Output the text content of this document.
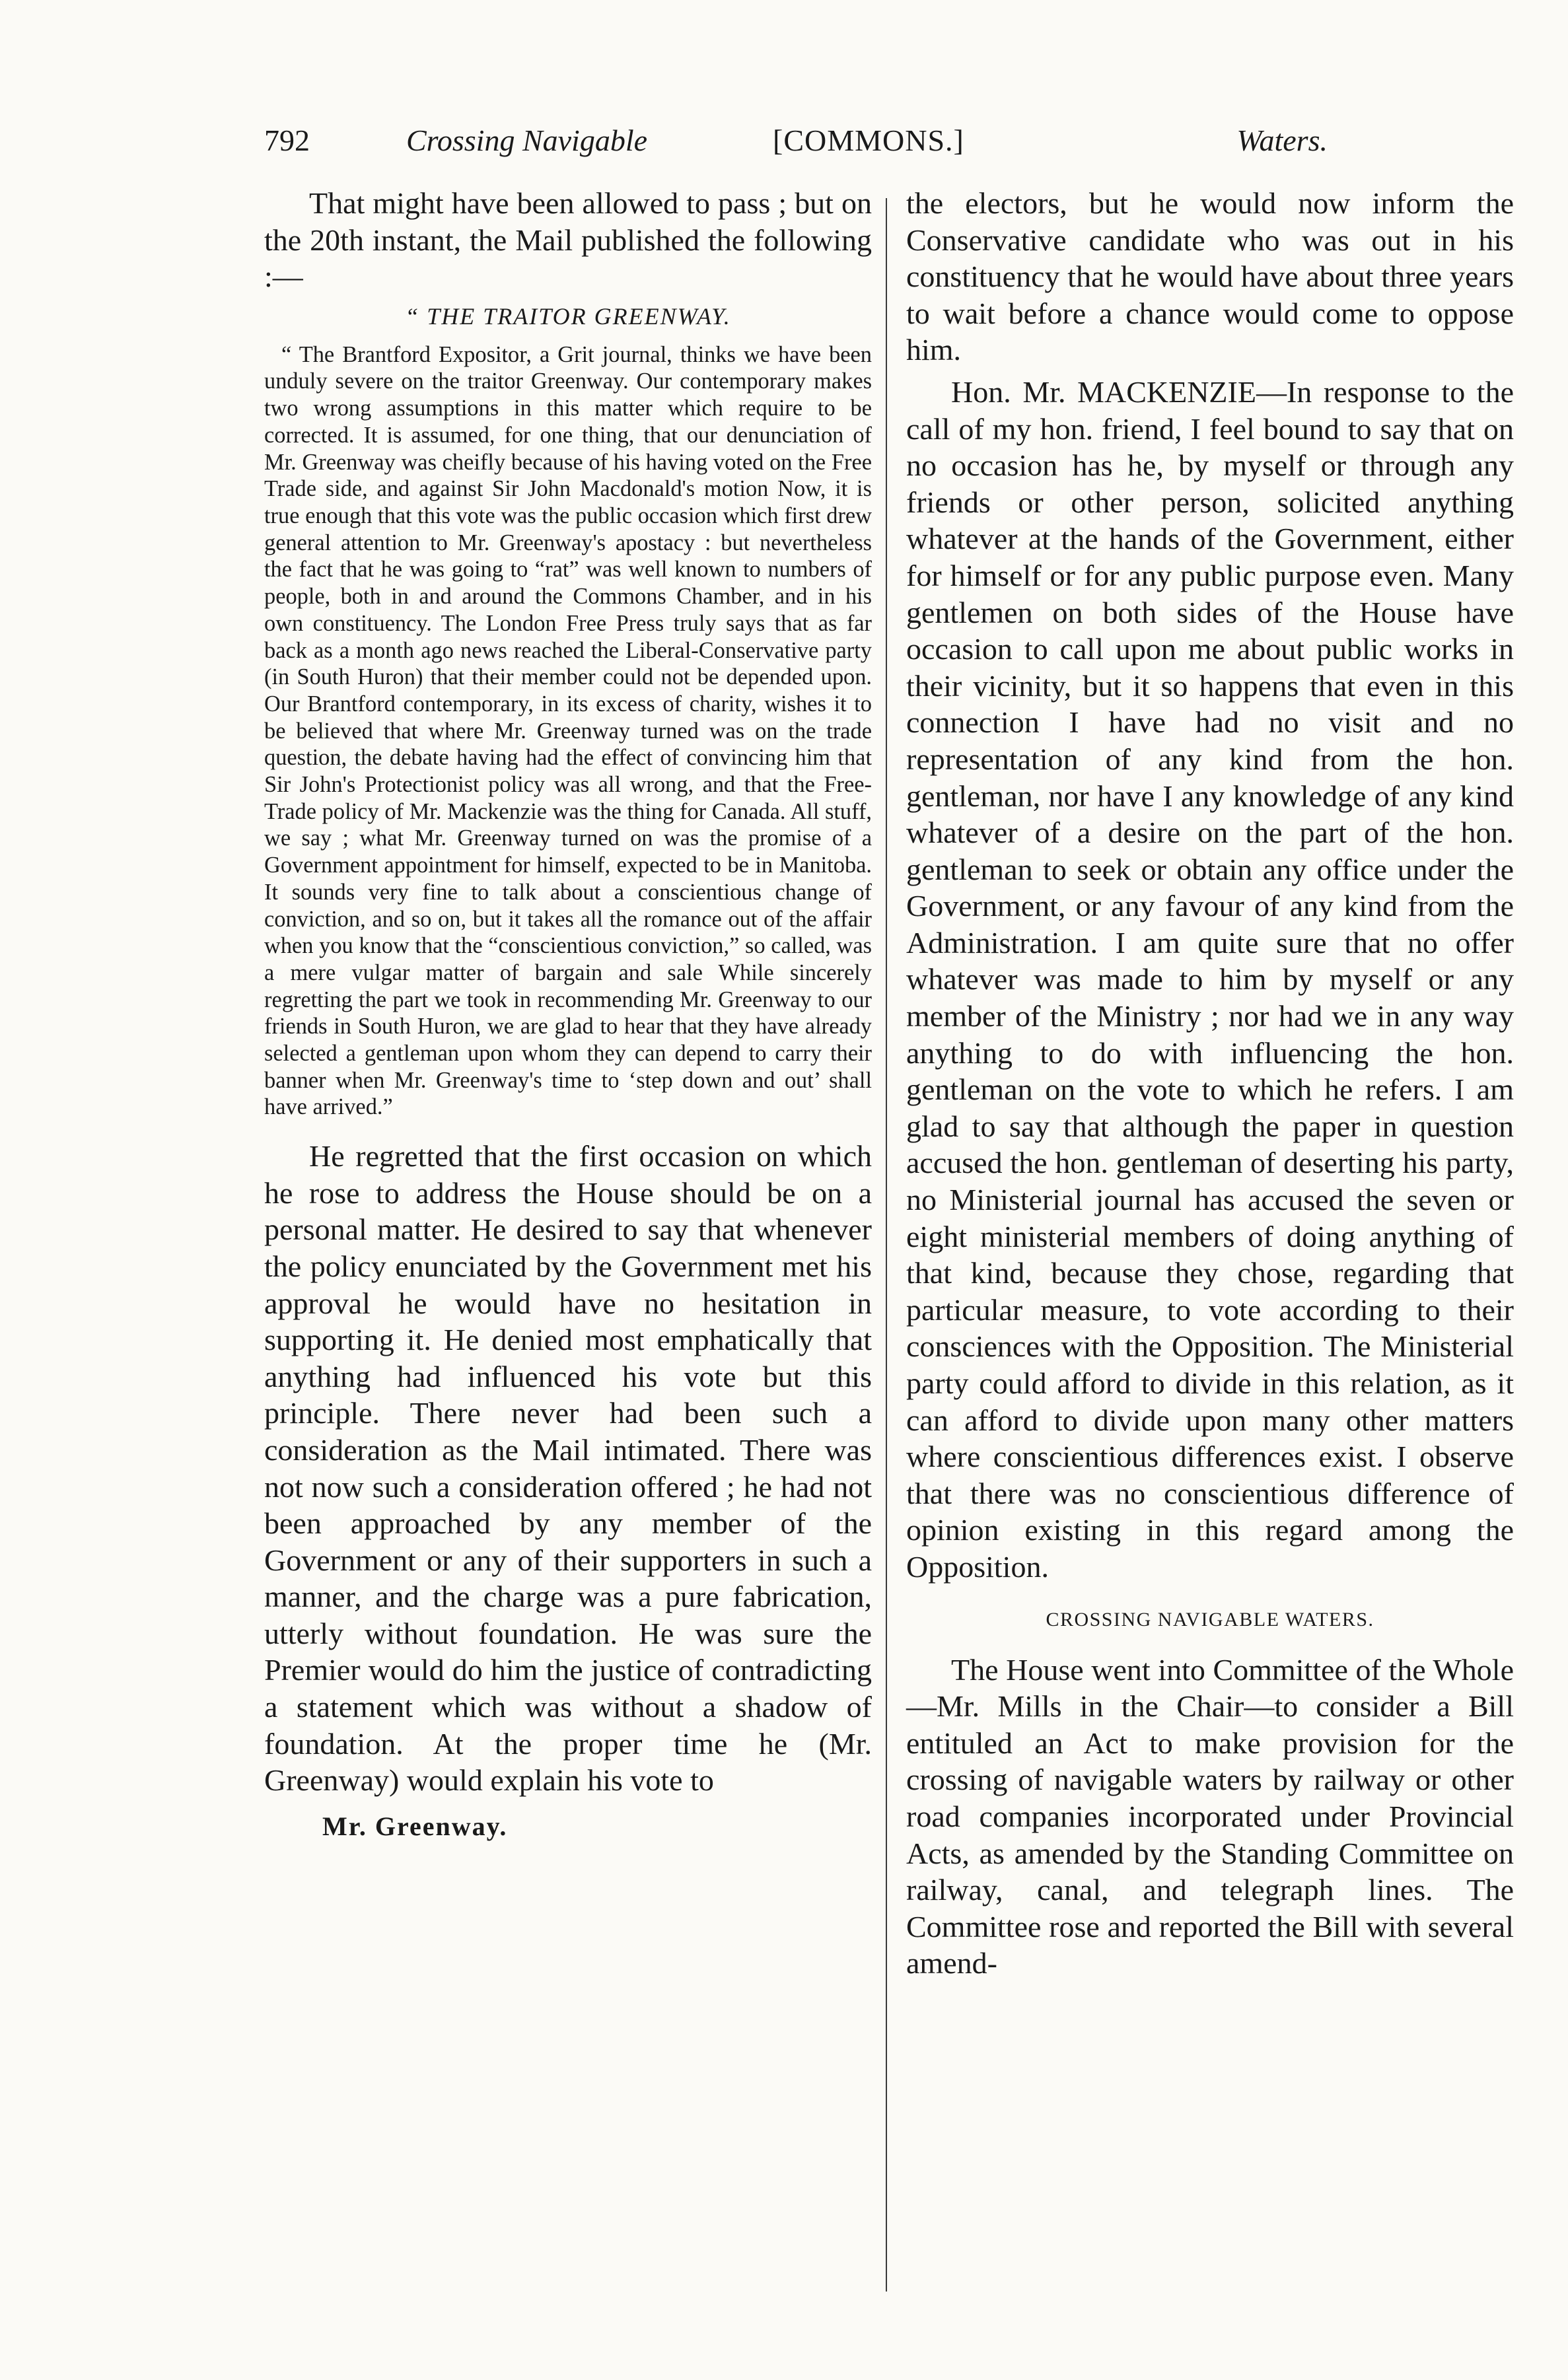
792	Crossing Navigable	[COMMONS.]	Waters.

That might have been allowed to pass ; but on the 20th instant, the Mail published the following :—

“ THE TRAITOR GREENWAY.

“ The Brantford Expositor, a Grit journal, thinks we have been unduly severe on the traitor Greenway. Our contemporary makes two wrong assumptions in this matter which require to be corrected. It is assumed, for one thing, that our denunciation of Mr. Greenway was cheifly because of his having voted on the Free Trade side, and against Sir John Macdonald's motion Now, it is true enough that this vote was the public occasion which first drew general attention to Mr. Greenway's apostacy : but nevertheless the fact that he was going to “rat” was well known to numbers of people, both in and around the Commons Chamber, and in his own constituency. The London Free Press truly says that as far back as a month ago news reached the Liberal-Conservative party (in South Huron) that their member could not be depended upon. Our Brantford contemporary, in its excess of charity, wishes it to be believed that where Mr. Greenway turned was on the trade question, the debate having had the effect of convincing him that Sir John's Protectionist policy was all wrong, and that the Free-Trade policy of Mr. Mackenzie was the thing for Canada. All stuff, we say ; what Mr. Greenway turned on was the promise of a Government appointment for himself, expected to be in Manitoba. It sounds very fine to talk about a conscientious change of conviction, and so on, but it takes all the romance out of the affair when you know that the “conscientious conviction,” so called, was a mere vulgar matter of bargain and sale While sincerely regretting the part we took in recommending Mr. Greenway to our friends in South Huron, we are glad to hear that they have already selected a gentleman upon whom they can depend to carry their banner when Mr. Greenway's time to ‘step down and out’ shall have arrived.”

He regretted that the first occasion on which he rose to address the House should be on a personal matter. He desired to say that whenever the policy enunciated by the Government met his approval he would have no hesitation in supporting it. He denied most emphatically that anything had influenced his vote but this principle. There never had been such a consideration as the Mail intimated. There was not now such a consideration offered ; he had not been approached by any member of the Government or any of their supporters in such a manner, and the charge was a pure fabrication, utterly without foundation. He was sure the Premier would do him the justice of contradicting a statement which was without a shadow of foundation. At the proper time he (Mr. Greenway) would explain his vote to

Mr. Greenway.

the electors, but he would now inform the Conservative candidate who was out in his constituency that he would have about three years to wait before a chance would come to oppose him.

Hon. Mr. MACKENZIE—In response to the call of my hon. friend, I feel bound to say that on no occasion has he, by myself or through any friends or other person, solicited anything whatever at the hands of the Government, either for himself or for any public purpose even. Many gentlemen on both sides of the House have occasion to call upon me about public works in their vicinity, but it so happens that even in this connection I have had no visit and no representation of any kind from the hon. gentleman, nor have I any knowledge of any kind whatever of a desire on the part of the hon. gentleman to seek or obtain any office under the Government, or any favour of any kind from the Administration. I am quite sure that no offer whatever was made to him by myself or any member of the Ministry ; nor had we in any way anything to do with influencing the hon. gentleman on the vote to which he refers. I am glad to say that although the paper in question accused the hon. gentleman of deserting his party, no Ministerial journal has accused the seven or eight ministerial members of doing anything of that kind, because they chose, regarding that particular measure, to vote according to their consciences with the Opposition. The Ministerial party could afford to divide in this relation, as it can afford to divide upon many other matters where conscientious differences exist. I observe that there was no conscientious difference of opinion existing in this regard among the Opposition.

CROSSING NAVIGABLE WATERS.

The House went into Committee of the Whole—Mr. Mills in the Chair—to consider a Bill entituled an Act to make provision for the crossing of navigable waters by railway or other road companies incorporated under Provincial Acts, as amended by the Standing Committee on railway, canal, and telegraph lines. The Committee rose and reported the Bill with several amend-
